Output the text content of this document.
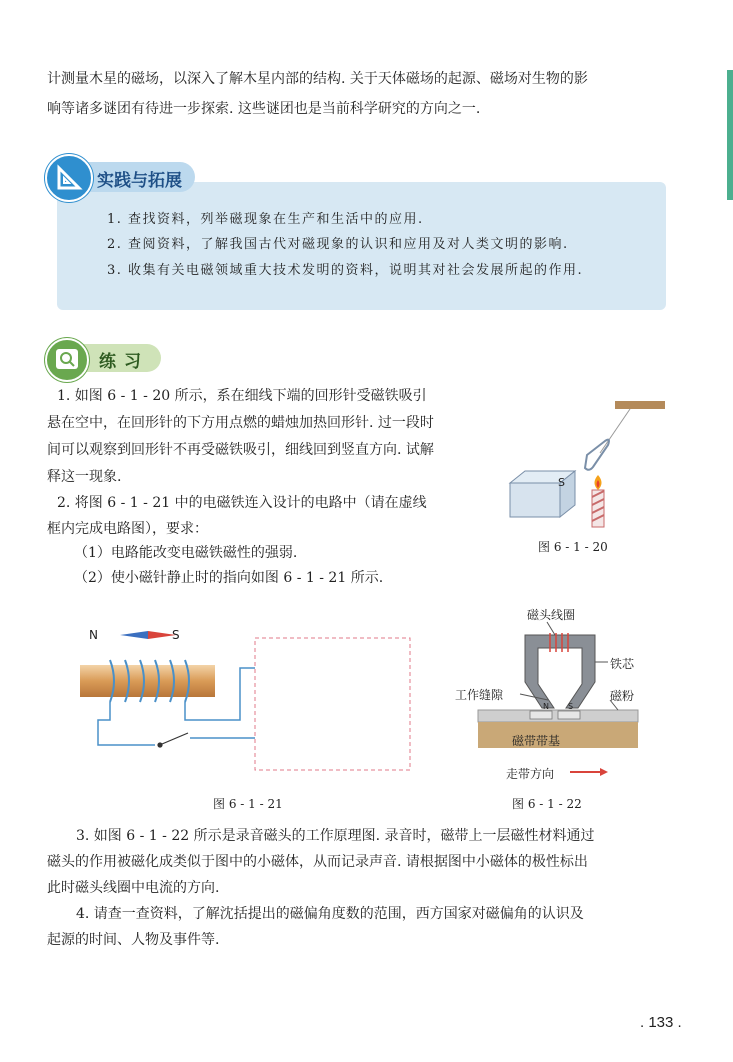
计测量木星的磁场，以深入了解木星内部的结构. 关于天体磁场的起源、磁场对生物的影
响等诸多谜团有待进一步探索. 这些谜团也是当前科学研究的方向之一.
实践与拓展
1. 查找资料，列举磁现象在生产和生活中的应用.
2. 查阅资料，了解我国古代对磁现象的认识和应用及对人类文明的影响.
3. 收集有关电磁领域重大技术发明的资料，说明其对社会发展所起的作用.
练习
1. 如图 6 - 1 - 20 所示，系在细线下端的回形针受磁铁吸引
悬在空中，在回形针的下方用点燃的蜡烛加热回形针. 过一段时
间可以观察到回形针不再受磁铁吸引，细线回到竖直方向. 试解
释这一现象.
2. 将图 6 - 1 - 21 中的电磁铁连入设计的电路中（请在虚线
框内完成电路图），要求：
（1）电路能改变电磁铁磁性的强弱.
（2）使小磁针静止时的指向如图 6 - 1 - 21 所示.
S
图 6 - 1 - 20
N	S
图 6 - 1 - 21
磁头线圈
铁芯
工作缝隙	磁粉
N S
磁带带基
走带方向
图 6 - 1 - 22
3. 如图 6 - 1 - 22 所示是录音磁头的工作原理图. 录音时，磁带上一层磁性材料通过
磁头的作用被磁化成类似于图中的小磁体，从而记录声音. 请根据图中小磁体的极性标出
此时磁头线圈中电流的方向.
4. 请查一查资料，了解沈括提出的磁偏角度数的范围，西方国家对磁偏角的认识及
起源的时间、人物及事件等.
. 133 .
